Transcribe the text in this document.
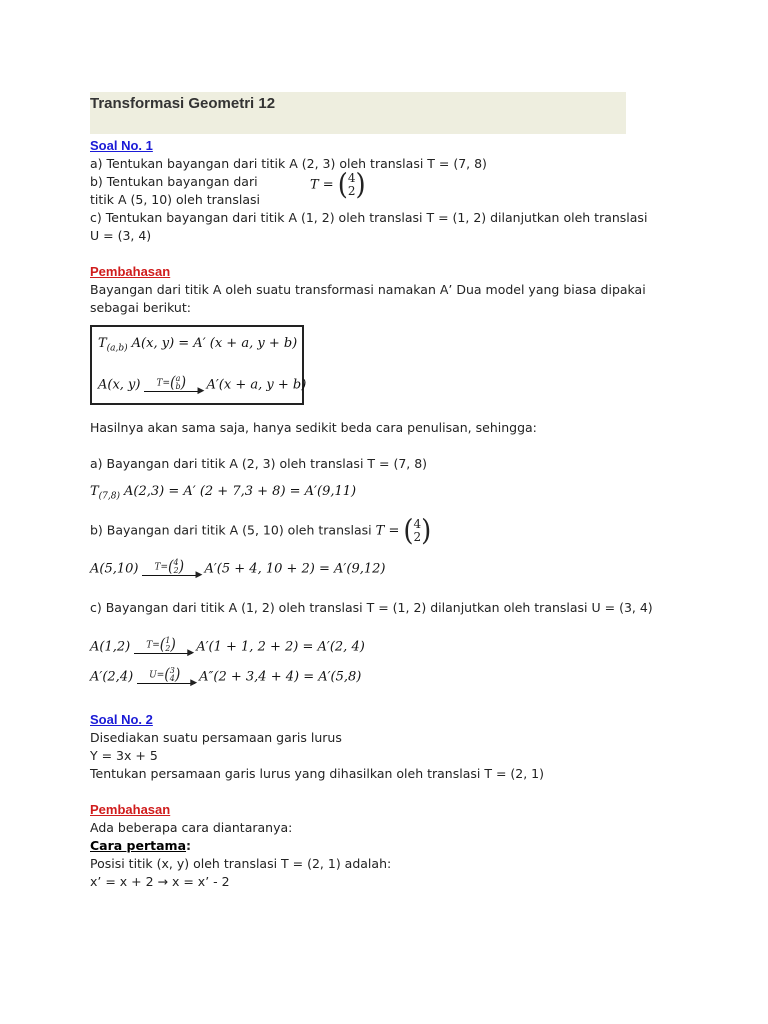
Transformasi Geometri 12
Soal No. 1
a) Tentukan bayangan dari titik A (2, 3) oleh translasi T = (7, 8)
b) Tentukan bayangan dari
titik A (5, 10) oleh translasi
T = (4
2)
c) Tentukan bayangan dari titik A (1, 2) oleh translasi T = (1, 2) dilanjutkan oleh translasi
U = (3, 4)
Pembahasan
Bayangan dari titik A oleh suatu transformasi namakan A’ Dua model yang biasa dipakai
sebagai berikut:
$T_{(a,b)}$ A(x, y) = A′ (x + a, y + b)
A(x, y) T=(a
b) ▶ A′(x + a, y + b)
Hasilnya akan sama saja, hanya sedikit beda cara penulisan, sehingga:
a) Bayangan dari titik A (2, 3) oleh translasi T = (7, 8)
$T_{(7,8)}$ A(2,3) = A′ (2 + 7,3 + 8) = A′(9,11)
b) Bayangan dari titik A (5, 10) oleh translasi T = (4
2)
A(5,10) T=(4
2) ▶ A′(5 + 4, 10 + 2) = A′(9,12)
c) Bayangan dari titik A (1, 2) oleh translasi T = (1, 2) dilanjutkan oleh translasi U = (3, 4)
A(1,2) T=(1
2) ▶ A′(1 + 1, 2 + 2) = A′(2, 4)
A′(2,4) U=(3
4) ▶ A″(2 + 3,4 + 4) = A′(5,8)
Soal No. 2
Disediakan suatu persamaan garis lurus
Y = 3x + 5
Tentukan persamaan garis lurus yang dihasilkan oleh translasi T = (2, 1)
Pembahasan
Ada beberapa cara diantaranya:
Cara pertama:
Posisi titik (x, y) oleh translasi T = (2, 1) adalah:
x’ = x + 2 → x = x’ - 2
